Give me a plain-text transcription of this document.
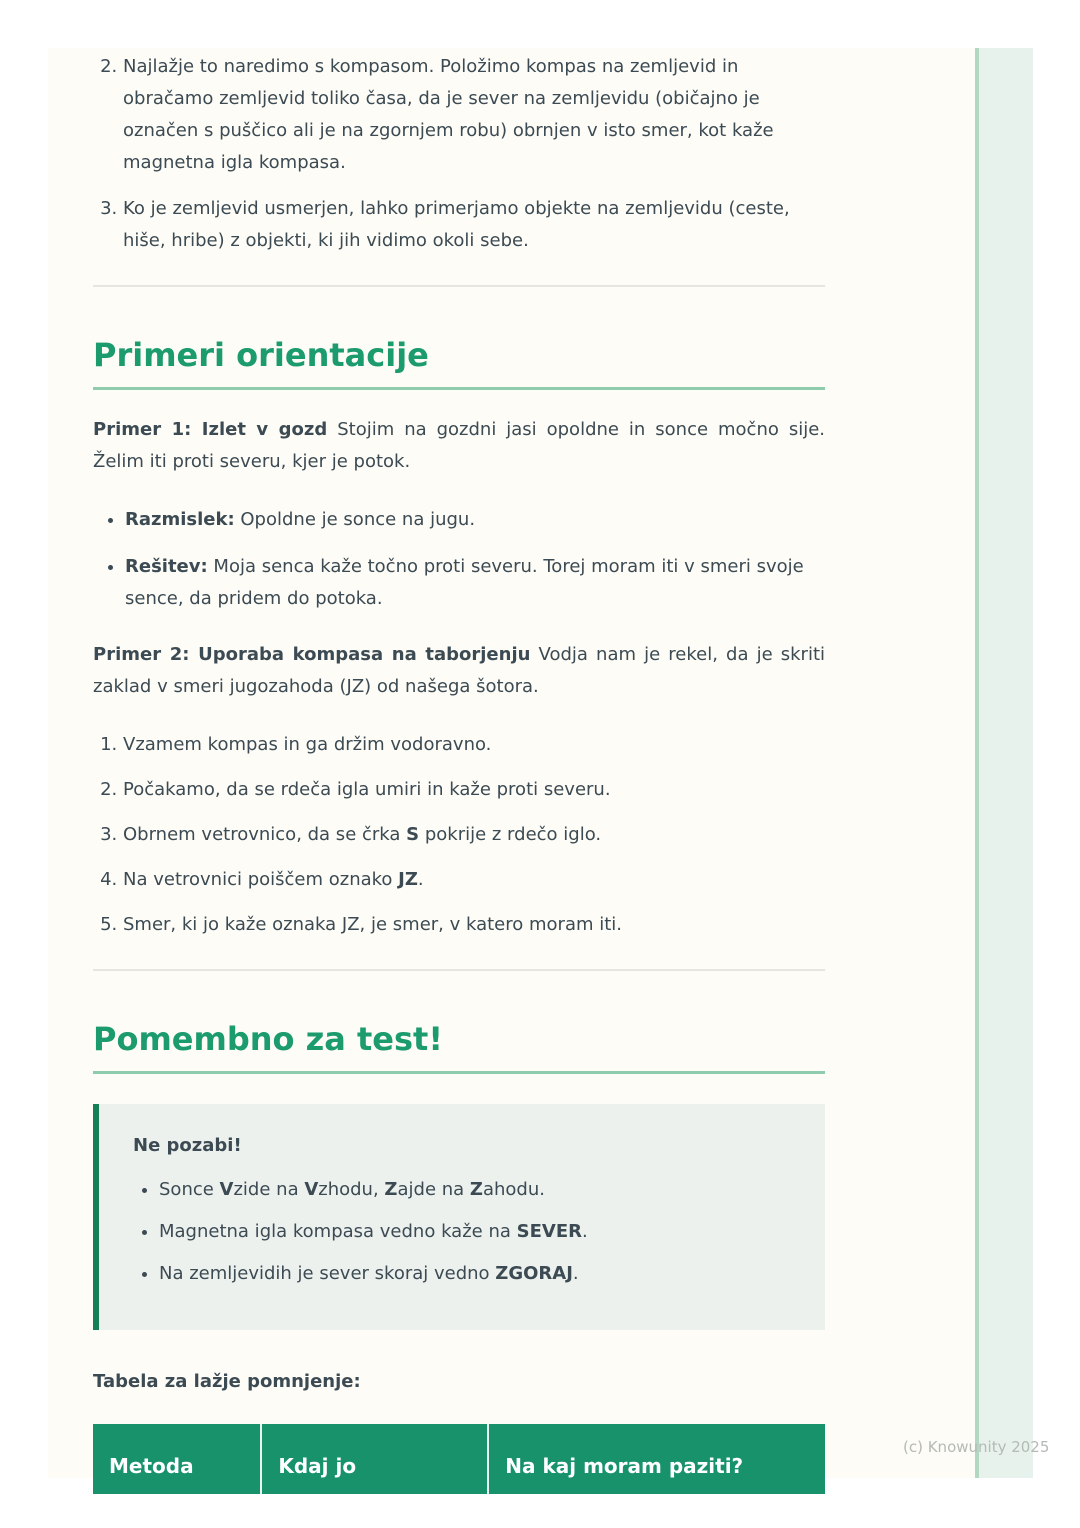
2. Najlažje to naredimo s kompasom. Položimo kompas na zemljevid in obračamo zemljevid toliko časa, da je sever na zemljevidu (običajno je označen s puščico ali je na zgornjem robu) obrnjen v isto smer, kot kaže magnetna igla kompasa.
3. Ko je zemljevid usmerjen, lahko primerjamo objekte na zemljevidu (ceste, hiše, hribe) z objekti, ki jih vidimo okoli sebe.
Primeri orientacije

Primer 1: Izlet v gozd Stojim na gozdni jasi opoldne in sonce močno sije. Želim iti proti severu, kjer je potok.

• Razmislek: Opoldne je sonce na jugu.
• Rešitev: Moja senca kaže točno proti severu. Torej moram iti v smeri svoje sence, da pridem do potoka.

Primer 2: Uporaba kompasa na taborjenju Vodja nam je rekel, da je skriti zaklad v smeri jugozahoda (JZ) od našega šotora.

1. Vzamem kompas in ga držim vodoravno.
2. Počakamo, da se rdeča igla umiri in kaže proti severu.
3. Obrnem vetrovnico, da se črka S pokrije z rdečo iglo.
4. Na vetrovnici poiščem oznako JZ.
5. Smer, ki jo kaže oznaka JZ, je smer, v katero moram iti.
Pomembno za test!

Ne pozabi!

• Sonce Vzide na Vzhodu, Zajde na Zahodu.
• Magnetna igla kompasa vedno kaže na SEVER.
• Na zemljevidih je sever skoraj vedno ZGORAJ.

Tabela za lažje pomnjenje:

Metoda	Kdaj jo	Na kaj moram paziti?
(c) Knowunity 2025
